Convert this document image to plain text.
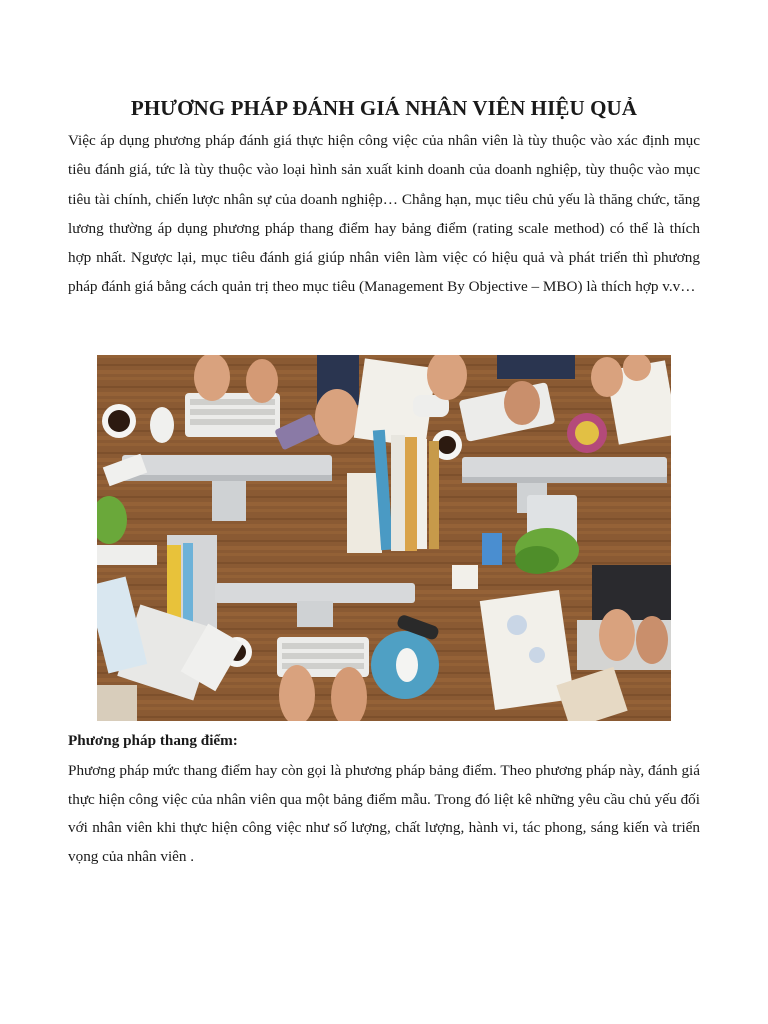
PHƯƠNG PHÁP ĐÁNH GIÁ NHÂN VIÊN HIỆU QUẢ

Việc áp dụng phương pháp đánh giá thực hiện công việc của nhân viên là tùy thuộc vào xác định mục tiêu đánh giá, tức là tùy thuộc vào loại hình sản xuất kinh doanh của doanh nghiệp, tùy thuộc vào mục tiêu tài chính, chiến lược nhân sự của doanh nghiệp… Chẳng hạn, mục tiêu chủ yếu là thăng chức, tăng lương thường áp dụng phương pháp thang điểm hay bảng điểm (rating scale method) có thể là thích hợp nhất. Ngược lại, mục tiêu đánh giá giúp nhân viên làm việc có hiệu quả và phát triển thì phương pháp đánh giá bằng cách quản trị theo mục tiêu (Management By Objective – MBO) là thích hợp v.v…

Phương pháp thang điểm:

Phương pháp mức thang điểm hay còn gọi là phương pháp bảng điểm. Theo phương pháp này, đánh giá thực hiện công việc của nhân viên qua một bảng điểm mẫu. Trong đó liệt kê những yêu cầu chủ yếu đối với nhân viên khi thực hiện công việc như số lượng, chất lượng, hành vi, tác phong, sáng kiến và triển vọng của nhân viên .
